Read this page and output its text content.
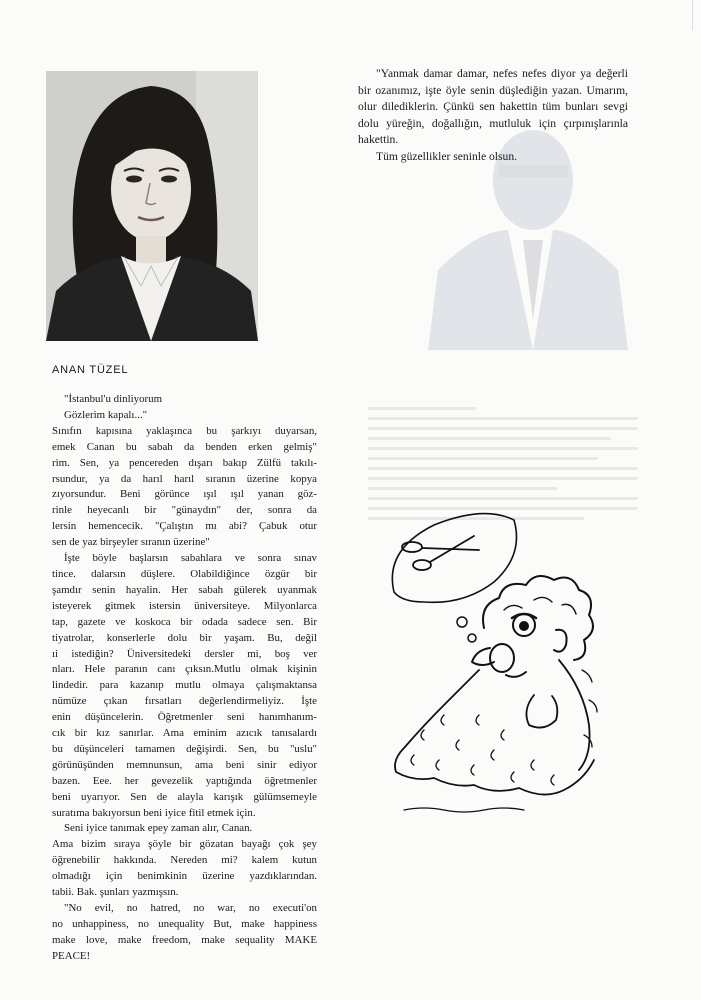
"Yanmak damar damar, nefes nefes diyor ya değerli bir ozanımız, işte öyle senin düşlediğin yazan. Umarım, olur dilediklerin. Çünkü sen hakettin tüm bunları sevgi dolu yüreğin, doğallığın, mutluluk için çırpınışlarınla hakettin.

Tüm güzellikler seninle olsun.

ANAN TÜZEL
"İstanbul'u dinliyorum
Gözlerim kapalı..."
Sınıfın kapısına yaklaşınca bu şarkıyı duyarsan,
emek Canan bu sabah da benden erken gelmiş"
rim. Sen, ya pencereden dışarı bakıp Zülfü takılı-
rsundur, ya da harıl harıl sıranın üzerine kopya
zıyorsundur. Beni görünce ışıl ışıl yanan göz-
rinle heyecanlı bir "günaydın" der, sonra da
lersin hemencecik. "Çalıştın mı abi? Çabuk otur
sen de yaz birşeyler sıranın üzerine"
İşte böyle başlarsın sabahlara ve sonra sınav
tince. dalarsın düşlere. Olabildiğince özgür bir
şamdır senin hayalin. Her sabah gülerek uyanmak
isteyerek gitmek istersin üniversiteye. Milyonlarca
tap, gazete ve koskoca bir odada sadece sen. Bir
tiyatrolar, konserlerle dolu bir yaşam. Bu, değil
ıi istediğin? Üniversitedeki dersler mi, boş ver
nları. Hele paranın canı çıksın.Mutlu olmak kişinin
lindedir. para kazanıp mutlu olmaya çalışmaktansa
nümüze çıkan fırsatları değerlendirmeliyiz. İşte
enin düşüncelerin. Öğretmenler seni hanımhanım-
cık bir kız sanırlar. Ama eminim azıcık tanısalardı
bu düşünceleri tamamen değişirdi. Sen, bu "uslu"
görünüşünden memnunsun, ama beni sinir ediyor
bazen. Eee. her gevezelik yaptığında öğretmenler
beni uyarıyor. Sen de alayla karışık gülümsemeyle
suratıma bakıyorsun beni iyice fitil etmek için.
Seni iyice tanımak epey zaman alır, Canan.
Ama bizim sıraya şöyle bir gözatan bayağı çok şey
öğrenebilir hakkında. Nereden mi? kalem kutun
olmadığı için benimkinin üzerine yazdıklarından.
tabii. Bak. şunları yazmışsın.
"No evil, no hatred, no war, no executi'on
no unhappiness, no unequality But, make happiness
make love, make freedom, make sequality MAKE
PEACE!
